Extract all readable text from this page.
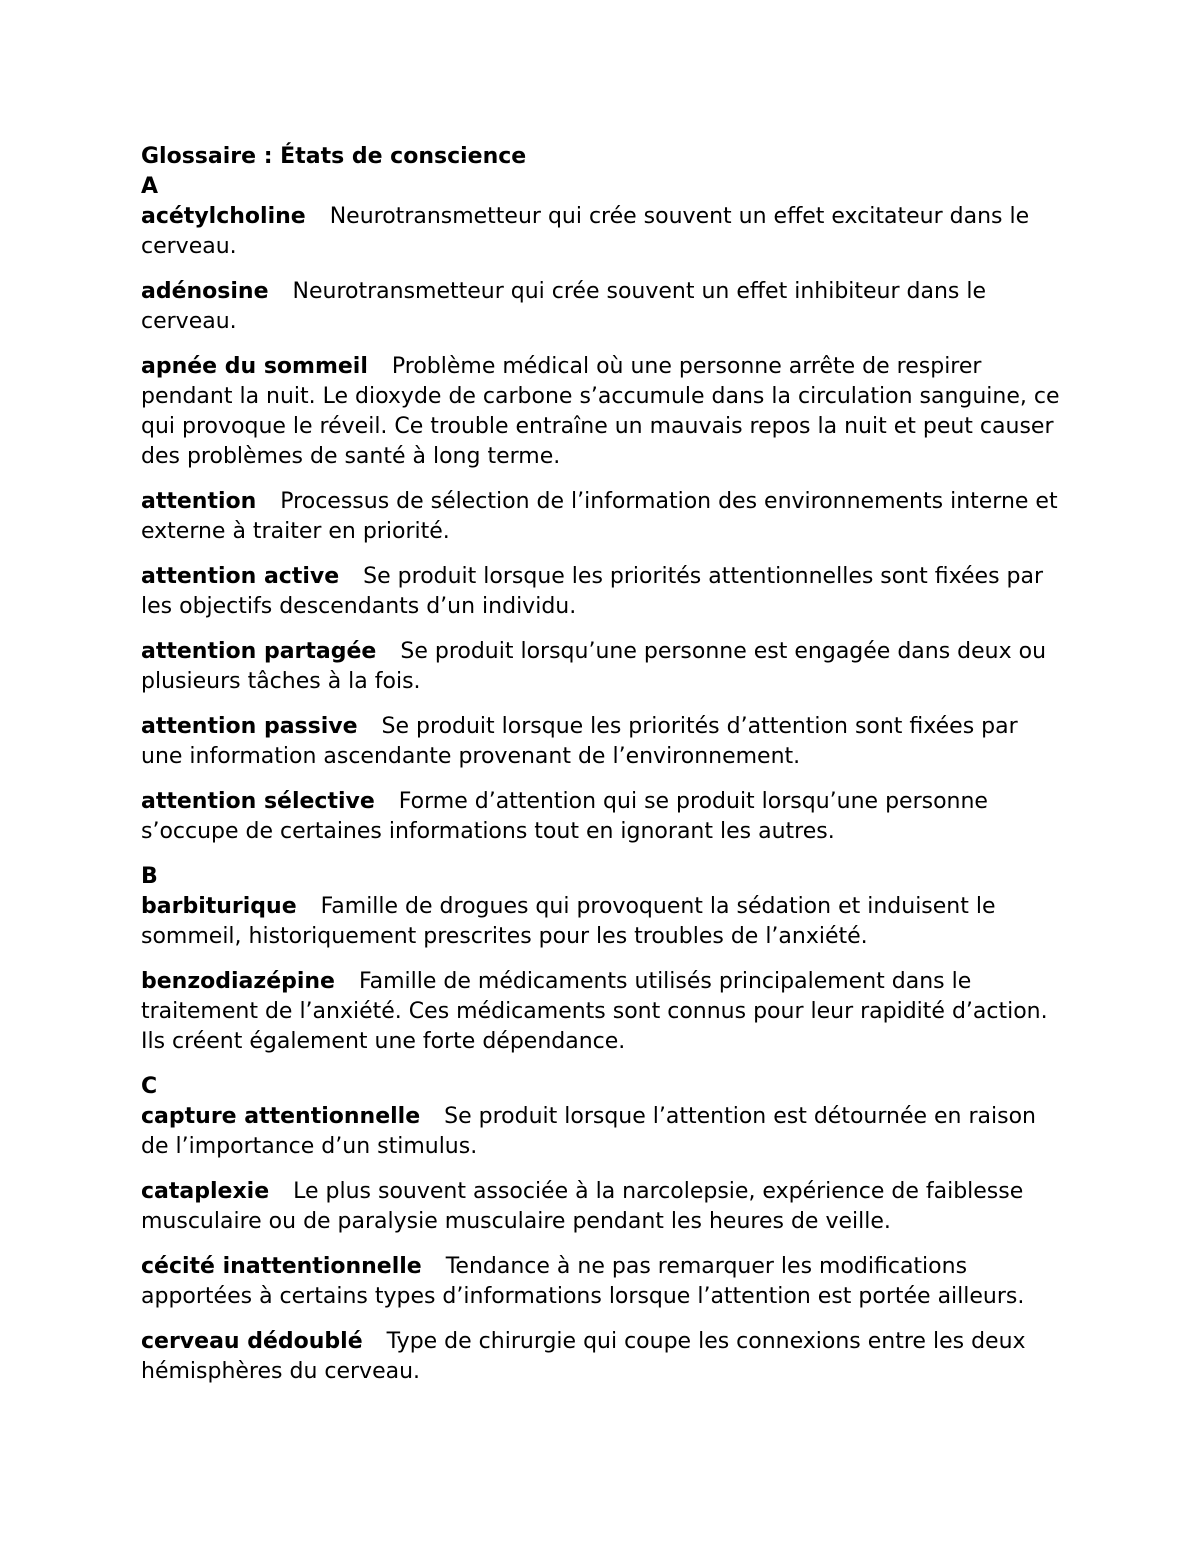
Glossaire : États de conscience

A

acétylcholine Neurotransmetteur qui crée souvent un effet excitateur dans le cerveau.

adénosine Neurotransmetteur qui crée souvent un effet inhibiteur dans le cerveau.

apnée du sommeil Problème médical où une personne arrête de respirer pendant la nuit. Le dioxyde de carbone s’accumule dans la circulation sanguine, ce qui provoque le réveil. Ce trouble entraîne un mauvais repos la nuit et peut causer des problèmes de santé à long terme.

attention Processus de sélection de l’information des environnements interne et externe à traiter en priorité.

attention active Se produit lorsque les priorités attentionnelles sont fixées par les objectifs descendants d’un individu.

attention partagée Se produit lorsqu’une personne est engagée dans deux ou plusieurs tâches à la fois.

attention passive Se produit lorsque les priorités d’attention sont fixées par une information ascendante provenant de l’environnement.

attention sélective Forme d’attention qui se produit lorsqu’une personne s’occupe de certaines informations tout en ignorant les autres.

B

barbiturique Famille de drogues qui provoquent la sédation et induisent le sommeil, historiquement prescrites pour les troubles de l’anxiété.

benzodiazépine Famille de médicaments utilisés principalement dans le traitement de l’anxiété. Ces médicaments sont connus pour leur rapidité d’action. Ils créent également une forte dépendance.

C

capture attentionnelle Se produit lorsque l’attention est détournée en raison de l’importance d’un stimulus.

cataplexie Le plus souvent associée à la narcolepsie, expérience de faiblesse musculaire ou de paralysie musculaire pendant les heures de veille.

cécité inattentionnelle Tendance à ne pas remarquer les modifications apportées à certains types d’informations lorsque l’attention est portée ailleurs.

cerveau dédoublé Type de chirurgie qui coupe les connexions entre les deux hémisphères du cerveau.
